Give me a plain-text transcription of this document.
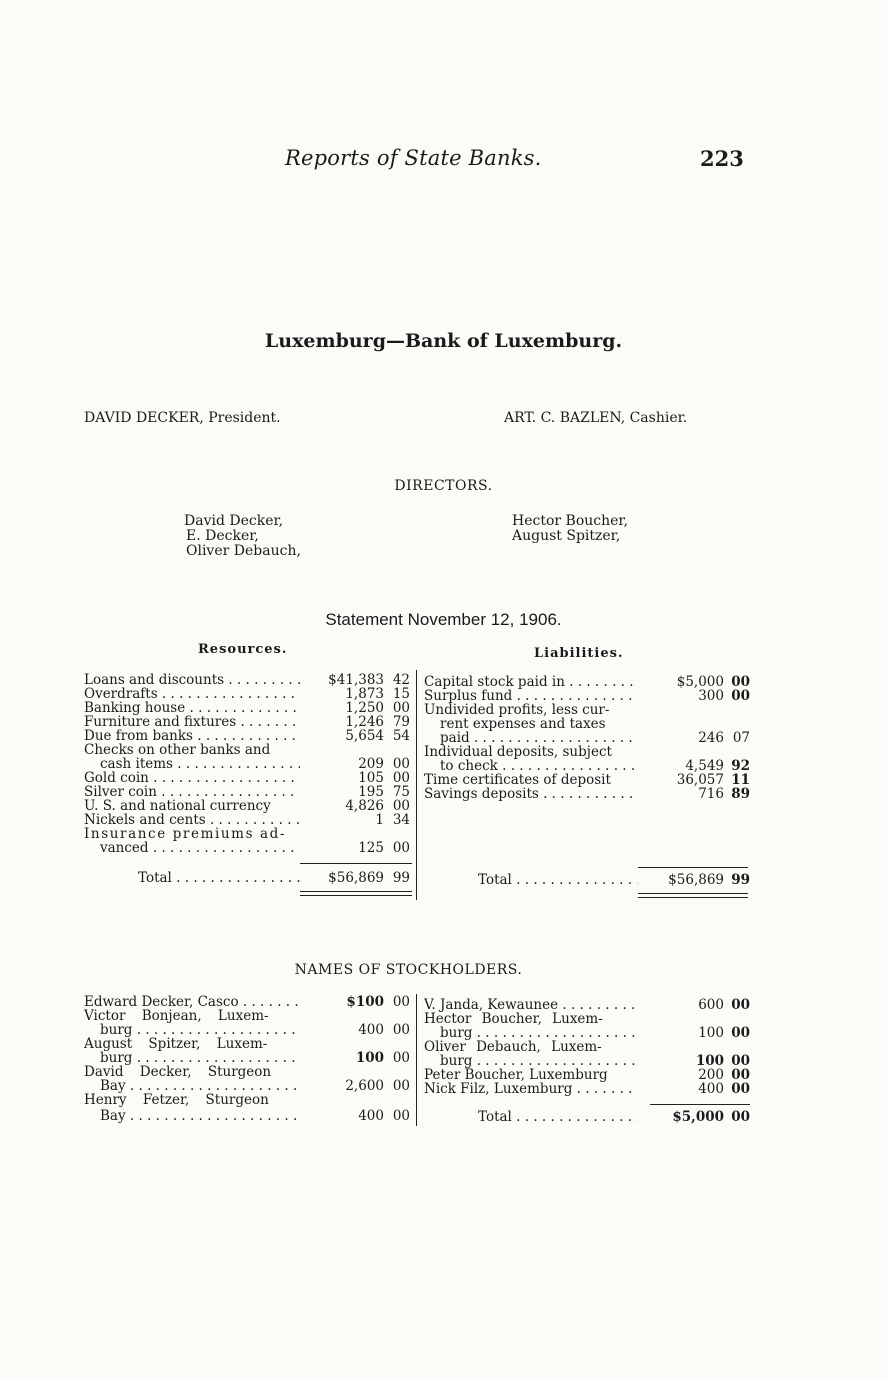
Reports of State Banks.	223
Luxemburg—Bank of Luxemburg.
DAVID DECKER, President.	ART. C. BAZLEN, Cashier.
DIRECTORS.
David Decker,
E. Decker,
Oliver Debauch,
Hector Boucher,
August Spitzer,
Statement November 12, 1906.
Resources.	Liabilities.
Loans and discounts . . .	$41,383 42
Overdrafts . . .	1,873 15
Banking house . . .	1,250 00
Furniture and fixtures . . .	1,246 79
Due from banks . . .	5,654 54
Checks on other banks and
cash items . . .	209 00
Gold coin . . .	105 00
Silver coin . . .	195 75
U. S. and national currency	4,826 00
Nickels and cents . . .	1 34
Insurance premiums ad-
vanced . . .	125 00
Total . . .	$56,869 99
Capital stock paid in . . .	$5,000 00
Surplus fund . . .	300 00
Undivided profits, less cur-
rent expenses and taxes
paid . . .	246 07
Individual deposits, subject
to check . . .	4,549 92
Time certificates of deposit	36,057 11
Savings deposits . . .	716 89
Total . . .	$56,869 99
NAMES OF STOCKHOLDERS.
Edward Decker, Casco . . .	$100 00
Victor Bonjean, Luxem-
burg . . .	400 00
August Spitzer, Luxem-
burg . . .	100 00
David Decker, Sturgeon
Bay . . .	2,600 00
Henry Fetzer, Sturgeon
Bay . . .	400 00
V. Janda, Kewaunee . . .	600 00
Hector Boucher, Luxem-
burg . . .	100 00
Oliver Debauch, Luxem-
burg . . .	100 00
Peter Boucher, Luxemburg	200 00
Nick Filz, Luxemburg . . .	400 00
Total . . .	$5,000 00
